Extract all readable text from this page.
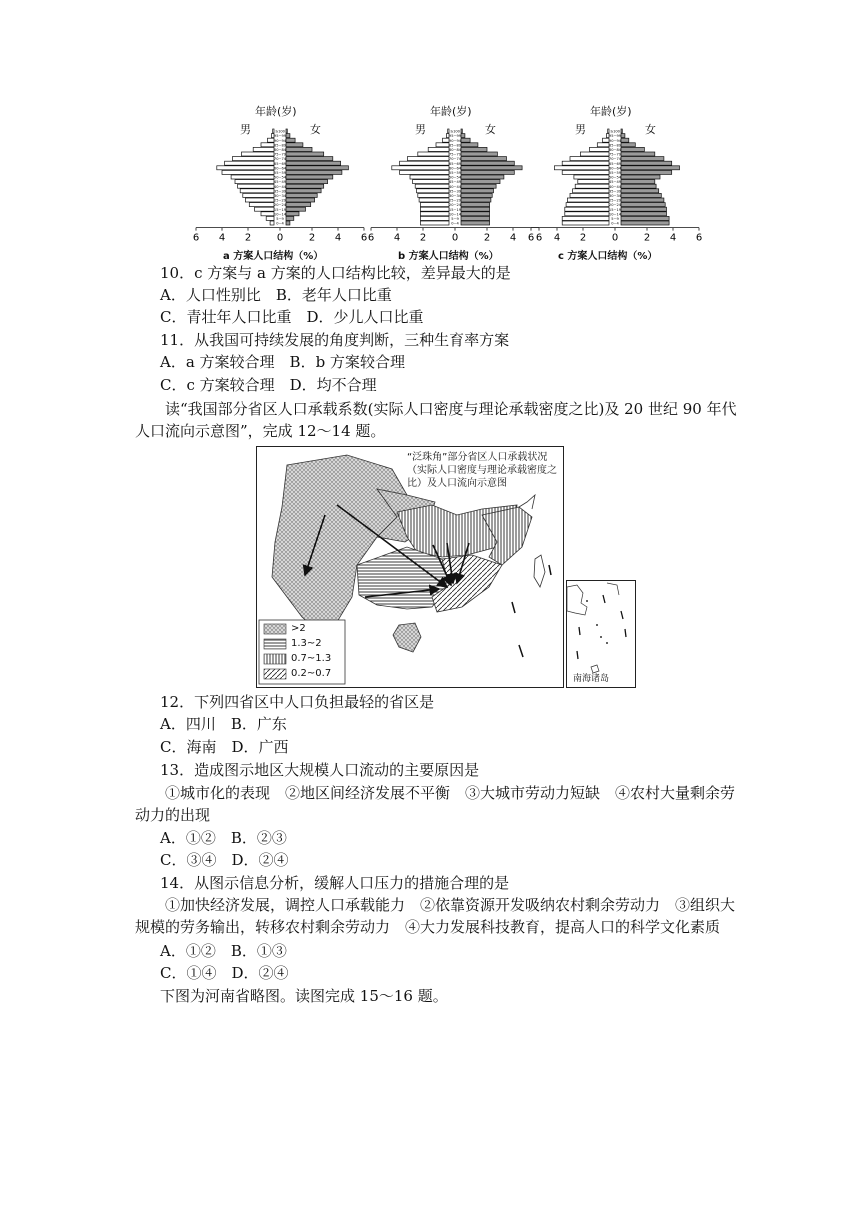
年龄(岁)
男	女
0~4
5~9
10~14
15~19
20~24
25~29
30~34
35~39
40~44
45~49
50~54
55~59
60~64
65~69
70~74
75~79
80~84
85~89
90~94
95~99
≥100
6 4 2	0	2 4 6
a 方案人口结构（%）
年龄(岁)
男	女
0~4
5~9
10~14
15~19
20~24
25~29
30~34
35~39
40~44
45~49
50~54
55~59
60~64
65~69
70~74
75~79
80~84
85~89
90~94
95~99
≥100
6 4 2	0	2 4 6
b 方案人口结构（%）
年龄(岁)
男	女
0~4
5~9
10~14
15~19
20~24
25~29
30~34
35~39
40~44
45~49
50~54
55~59
60~64
65~69
70~74
75~79
80~84
85~89
90~94
95~99
≥100
6 4 2	0	2 4 6
c 方案人口结构（%）
10．c 方案与 a 方案的人口结构比较，差异最大的是
A．人口性别比　B．老年人口比重
C．青壮年人口比重　D．少儿人口比重
11．从我国可持续发展的角度判断，三种生育率方案
A．a 方案较合理　B．b 方案较合理
C．c 方案较合理　D．均不合理
读“我国部分省区人口承载系数(实际人口密度与理论承载密度之比)及 20 世纪 90 年代人口流向示意图”，完成 12～14 题。
“泛珠角”部分省区人口承载状况（实际人口密度与理论承载密度之比）及人口流向示意图
>2
1.3~2
0.7~1.3
0.2~0.7	南海诸岛
12．下列四省区中人口负担最轻的省区是
A．四川　B．广东
C．海南　D．广西
13．造成图示地区大规模人口流动的主要原因是
①城市化的表现　②地区间经济发展不平衡　③大城市劳动力短缺　④农村大量剩余劳动力的出现
A．①②　B．②③
C．③④　D．②④
14．从图示信息分析，缓解人口压力的措施合理的是
①加快经济发展，调控人口承载能力　②依靠资源开发吸纳农村剩余劳动力　③组织大规模的劳务输出，转移农村剩余劳动力　④大力发展科技教育，提高人口的科学文化素质
A．①②　B．①③
C．①④　D．②④
下图为河南省略图。读图完成 15～16 题。
